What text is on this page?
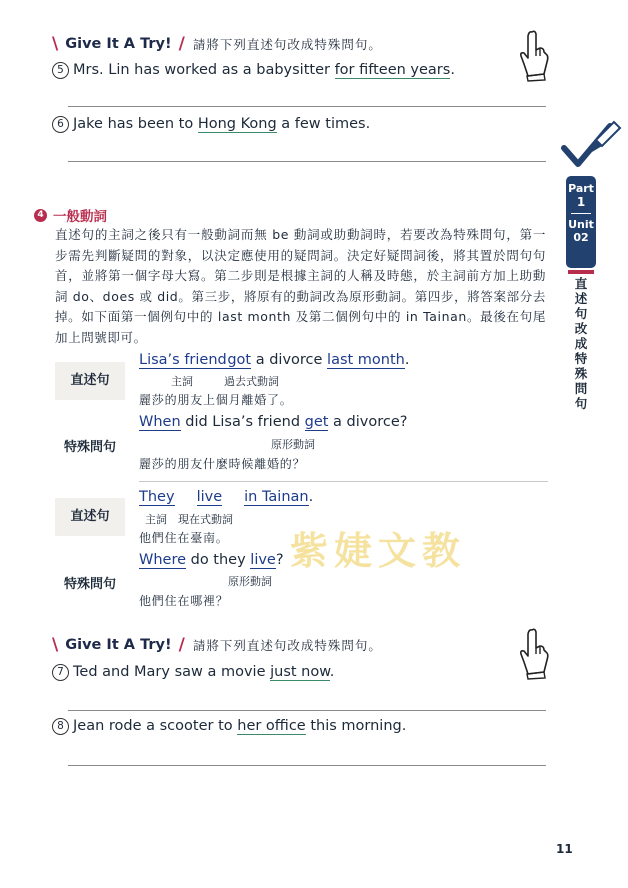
Part
1
Unit
02
直
述
句
改
成
特
殊
問
句
\ Give It A Try! / 請將下列直述句改成特殊問句。
5 Mrs. Lin has worked as a babysitter for fifteen years.
6 Jake has been to Hong Kong a few times.
4 一般動詞

直述句的主詞之後只有一般動詞而無 be 動詞或助動詞時，若要改為特殊問句，第一步需先判斷疑問的對象，以決定應使用的疑問詞。決定好疑問詞後，將其置於問句句首，並將第一個字母大寫。第二步則是根據主詞的人稱及時態，於主詞前方加上助動詞 do、does 或 did。第三步，將原有的動詞改為原形動詞。第四步，將答案部分去掉。如下面第一個例句中的 last month 及第二個例句中的 in Tainan。最後在句尾加上問號即可。

直述句
Lisa’s friend got a divorce last month.
主詞	過去式動詞
麗莎的朋友上個月離婚了。
特殊問句
When did Lisa’s friend get a divorce?
原形動詞
麗莎的朋友什麼時候離婚的？
直述句
They live in Tainan.
主詞 現在式動詞
他們住在臺南。
特殊問句
Where do they live?
原形動詞
他們住在哪裡？
紫婕文教
\ Give It A Try! / 請將下列直述句改成特殊問句。
7 Ted and Mary saw a movie just now.
8 Jean rode a scooter to her office this morning.
11
